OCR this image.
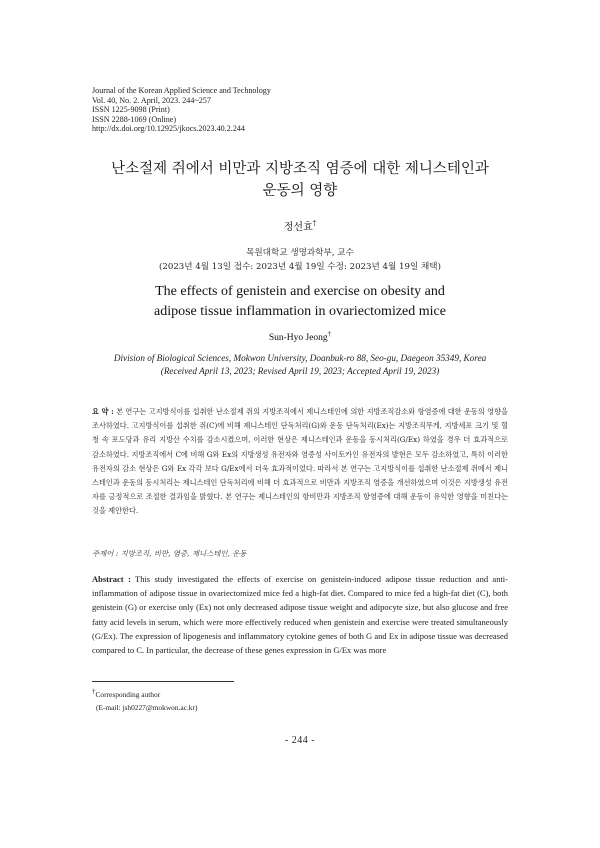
Journal of the Korean Applied Science and Technology
Vol. 40, No. 2. April, 2023. 244~257
ISSN 1225-9098 (Print)
ISSN 2288-1069 (Online)
http://dx.doi.org/10.12925/jkocs.2023.40.2.244
난소절제 쥐에서 비만과 지방조직 염증에 대한 제니스테인과
운동의 영향
정선효†
목원대학교 생명과학부, 교수
(2023년 4월 13일 접수: 2023년 4월 19일 수정: 2023년 4월 19일 채택)
The effects of genistein and exercise on obesity and
adipose tissue inflammation in ovariectomized mice
Sun-Hyo Jeong†
Division of Biological Sciences, Mokwon University, Doanbuk-ro 88, Seo-gu, Daegeon 35349, Korea
(Received April 13, 2023; Revised April 19, 2023; Accepted April 19, 2023)
요 약 : 본 연구는 고지방식이를 섭취한 난소절제 쥐의 지방조직에서 제니스테인에 의한 지방조직감소와 항염증에 대한 운동의 영향을 조사하였다. 고지방식이를 섭취한 쥐(C)에 비해 제니스테인 단독처리(G)와 운동 단독처리(Ex)는 지방조직무게, 지방세포 크기 및 혈청 속 포도당과 유리 지방산 수치를 감소시켰으며, 이러한 현상은 제니스테인과 운동을 동시처리(G/Ex) 하였을 경우 더 효과적으로 감소하였다. 지방조직에서 C에 비해 G와 Ex의 지방생성 유전자와 염증성 사이토카인 유전자의 발현은 모두 감소하였고, 특히 이러한 유전자의 감소 현상은 G와 Ex 각각 보다 G/Ex에서 더욱 효과적이었다. 따라서 본 연구는 고지방식이를 섭취한 난소절제 쥐에서 제니스테인과 운동의 동시처리는 제니스테인 단독처리에 비해 더 효과적으로 비만과 지방조직 염증을 개선하였으며 이것은 지방생성 유전자를 긍정적으로 조절한 결과임을 밝혔다. 본 연구는 제니스테인의 항비만과 지방조직 항염증에 대해 운동이 유익한 영향을 미친다는 것을 제안한다.
주제어 : 지방조직, 비만, 염증, 제니스테인, 운동
Abstract : This study investigated the effects of exercise on genistein-induced adipose tissue reduction and anti-inflammation of adipose tissue in ovariectomized mice fed a high-fat diet. Compared to mice fed a high-fat diet (C), both genistein (G) or exercise only (Ex) not only decreased adipose tissue weight and adipocyte size, but also glucose and free fatty acid levels in serum, which were more effectively reduced when genistein and exercise were treated simultaneously (G/Ex). The expression of lipogenesis and inflammatory cytokine genes of both G and Ex in adipose tissue was decreased compared to C. In particular, the decrease of these genes expression in G/Ex was more
†Corresponding author
(E-mail: jsh0227@mokwon.ac.kr)
- 244 -
